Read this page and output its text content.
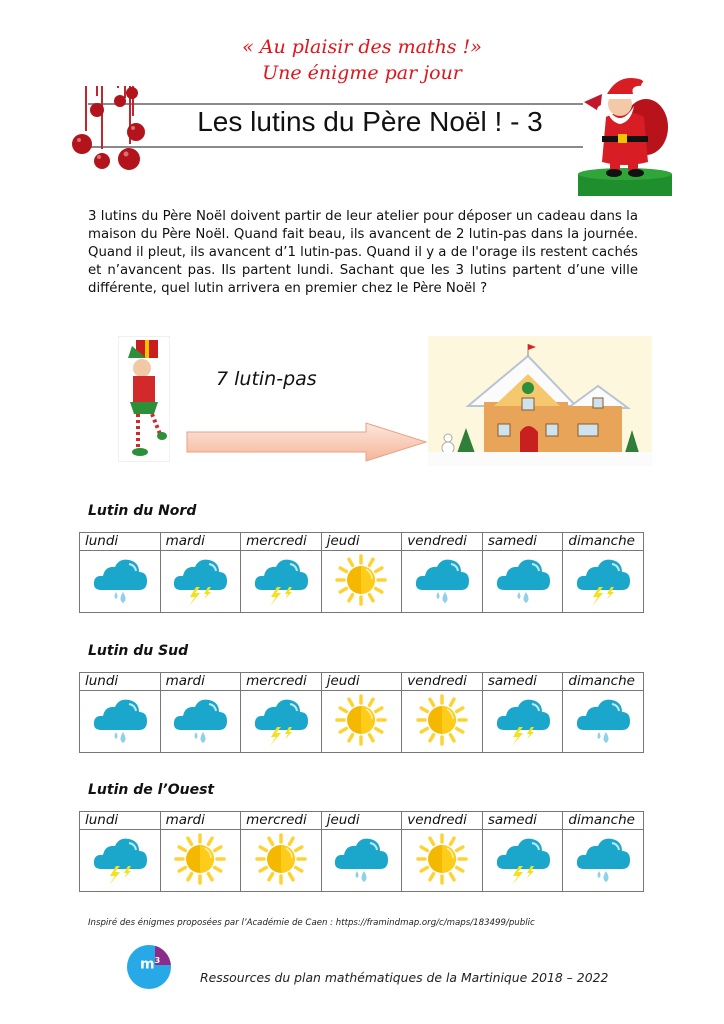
« Au plaisir des maths !»
Une énigme par jour
Les lutins du Père Noël ! - 3
3 lutins du Père Noël doivent partir de leur atelier pour déposer un cadeau dans la maison du Père Noël. Quand fait beau, ils avancent de 2 lutin-pas dans la journée. Quand il pleut, ils avancent d’1 lutin-pas. Quand il y a de l'orage ils restent cachés et n’avancent pas. Ils partent lundi. Sachant que les 3 lutins partent d’une ville différente, quel lutin arrivera en premier chez le Père Noël ?
7 lutin-pas
Lutin du Nord
lundi	mardi	mercredi	jeudi	vendredi	samedi	dimanche

Lutin du Sud
lundi	mardi	mercredi	jeudi	vendredi	samedi	dimanche

Lutin de l’Ouest
lundi	mardi	mercredi	jeudi	vendredi	samedi	dimanche

Inspiré des énigmes proposées par l’Académie de Caen : https://framindmap.org/c/maps/183499/public
$m^3$
Ressources du plan mathématiques de la Martinique 2018 – 2022
